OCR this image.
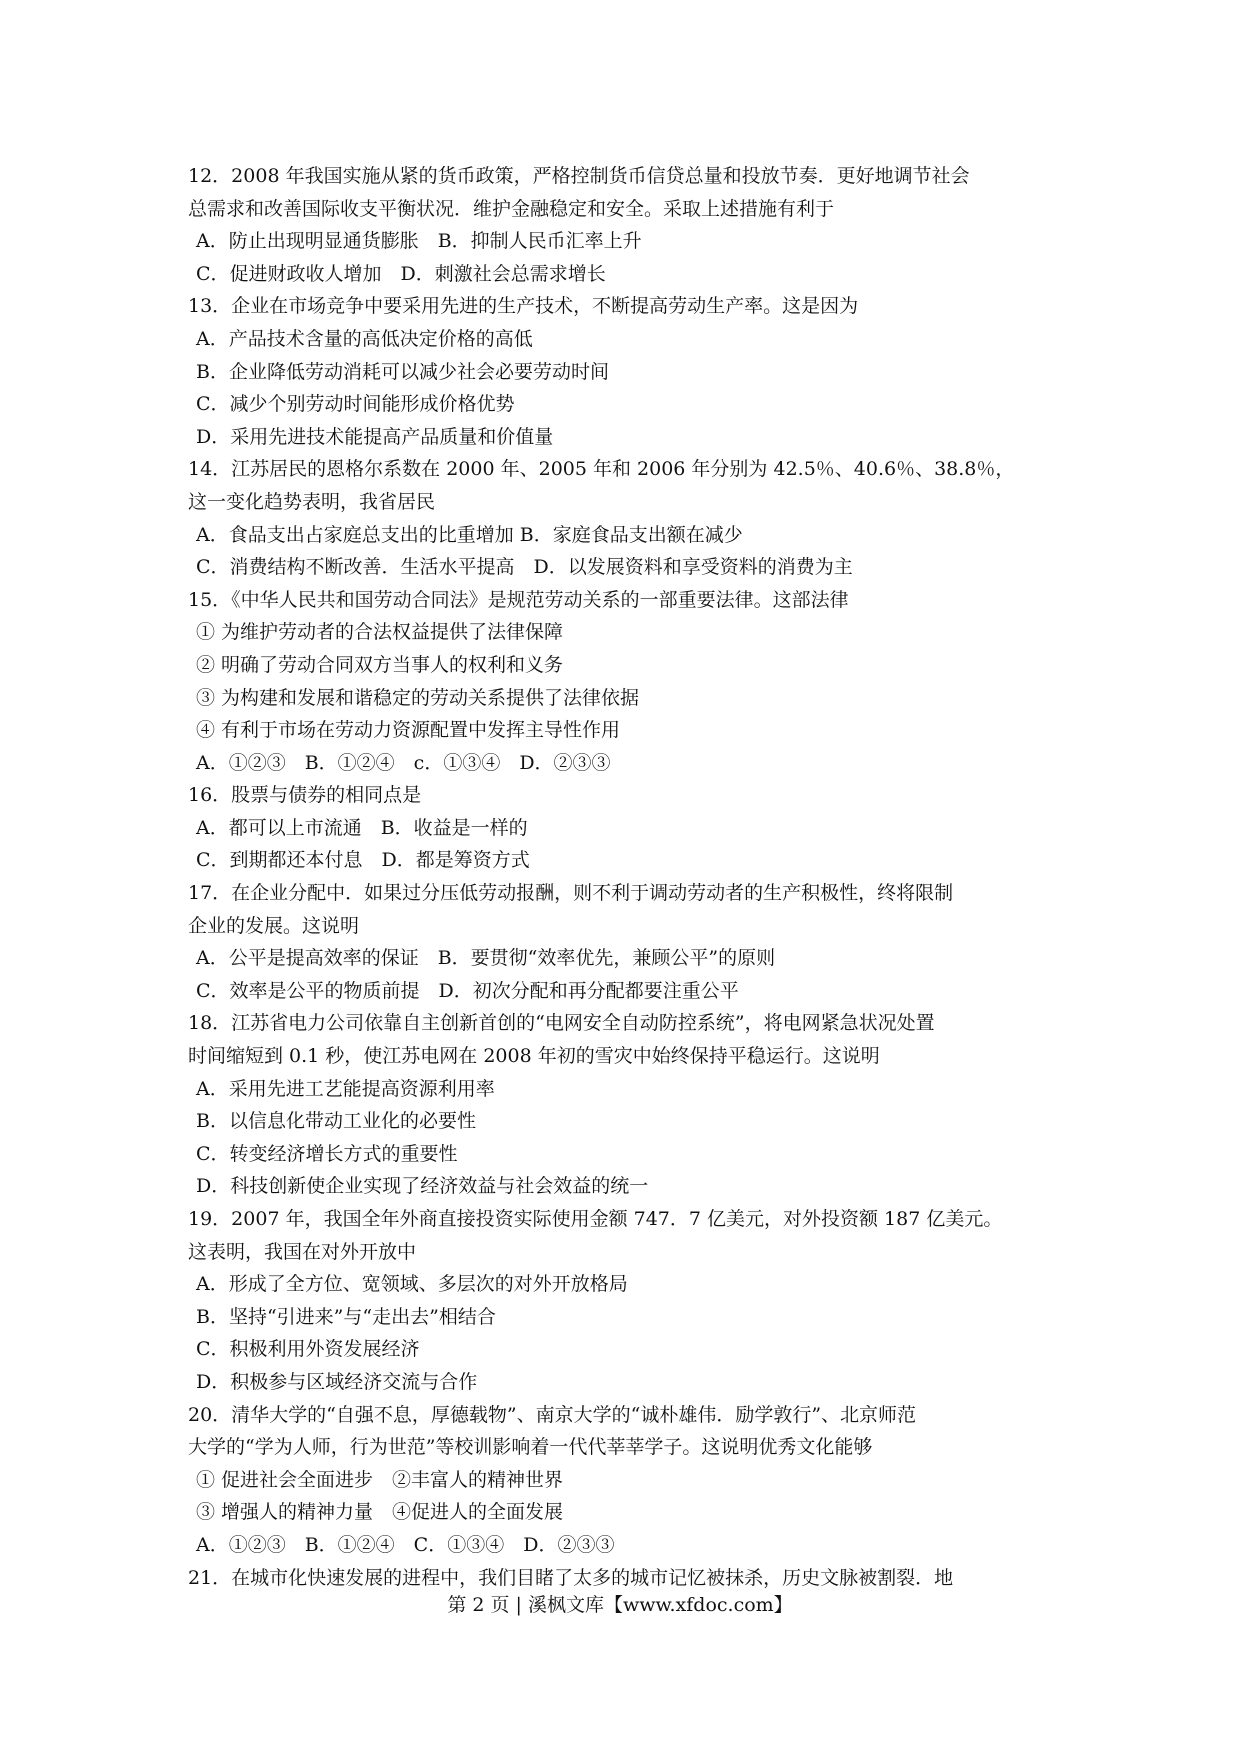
12．2008 年我国实施从紧的货币政策，严格控制货币信贷总量和投放节奏．更好地调节社会
总需求和改善国际收支平衡状况．维护金融稳定和安全。采取上述措施有利于
A．防止出现明显通货膨胀　B．抑制人民币汇率上升
C．促进财政收人增加　D．刺激社会总需求增长
13．企业在市场竞争中要采用先进的生产技术，不断提高劳动生产率。这是因为
A．产品技术含量的高低决定价格的高低
B．企业降低劳动消耗可以减少社会必要劳动时间
C．减少个别劳动时间能形成价格优势
D．采用先进技术能提高产品质量和价值量
14．江苏居民的恩格尔系数在 2000 年、2005 年和 2006 年分别为 42.5％、40.6％、38.8％，
这一变化趋势表明，我省居民
A．食品支出占家庭总支出的比重增加 B．家庭食品支出额在减少
C．消费结构不断改善．生活水平提高　D．以发展资料和享受资料的消费为主
15．《中华人民共和国劳动合同法》是规范劳动关系的一部重要法律。这部法律
① 为维护劳动者的合法权益提供了法律保障
② 明确了劳动合同双方当事人的权利和义务
③ 为构建和发展和谐稳定的劳动关系提供了法律依据
④ 有利于市场在劳动力资源配置中发挥主导性作用
A．①②③　B．①②④　c．①③④　D．②③③
16．股票与债券的相同点是
A．都可以上市流通　B．收益是一样的
C．到期都还本付息　D．都是筹资方式
17．在企业分配中．如果过分压低劳动报酬，则不利于调动劳动者的生产积极性，终将限制
企业的发展。这说明
A．公平是提高效率的保证　B．要贯彻“效率优先，兼顾公平”的原则
C．效率是公平的物质前提　D．初次分配和再分配都要注重公平
18．江苏省电力公司依靠自主创新首创的“电网安全自动防控系统”，将电网紧急状况处置
时间缩短到 0.1 秒，使江苏电网在 2008 年初的雪灾中始终保持平稳运行。这说明
A．采用先进工艺能提高资源利用率
B．以信息化带动工业化的必要性
C．转变经济增长方式的重要性
D．科技创新使企业实现了经济效益与社会效益的统一
19．2007 年，我国全年外商直接投资实际使用金额 747．7 亿美元，对外投资额 187 亿美元。
这表明，我国在对外开放中
A．形成了全方位、宽领域、多层次的对外开放格局
B．坚持“引进来”与“走出去”相结合
C．积极利用外资发展经济
D．积极参与区域经济交流与合作
20．清华大学的“自强不息，厚德载物”、南京大学的“诚朴雄伟．励学敦行”、北京师范
大学的“学为人师，行为世范”等校训影响着一代代莘莘学子。这说明优秀文化能够
① 促进社会全面进步　②丰富人的精神世界
③ 增强人的精神力量　④促进人的全面发展
A．①②③　B．①②④　C．①③④　D．②③③
21．在城市化快速发展的进程中，我们目睹了太多的城市记忆被抹杀，历史文脉被割裂．地
第 2 页 | 溪枫文库【www.xfdoc.com】
